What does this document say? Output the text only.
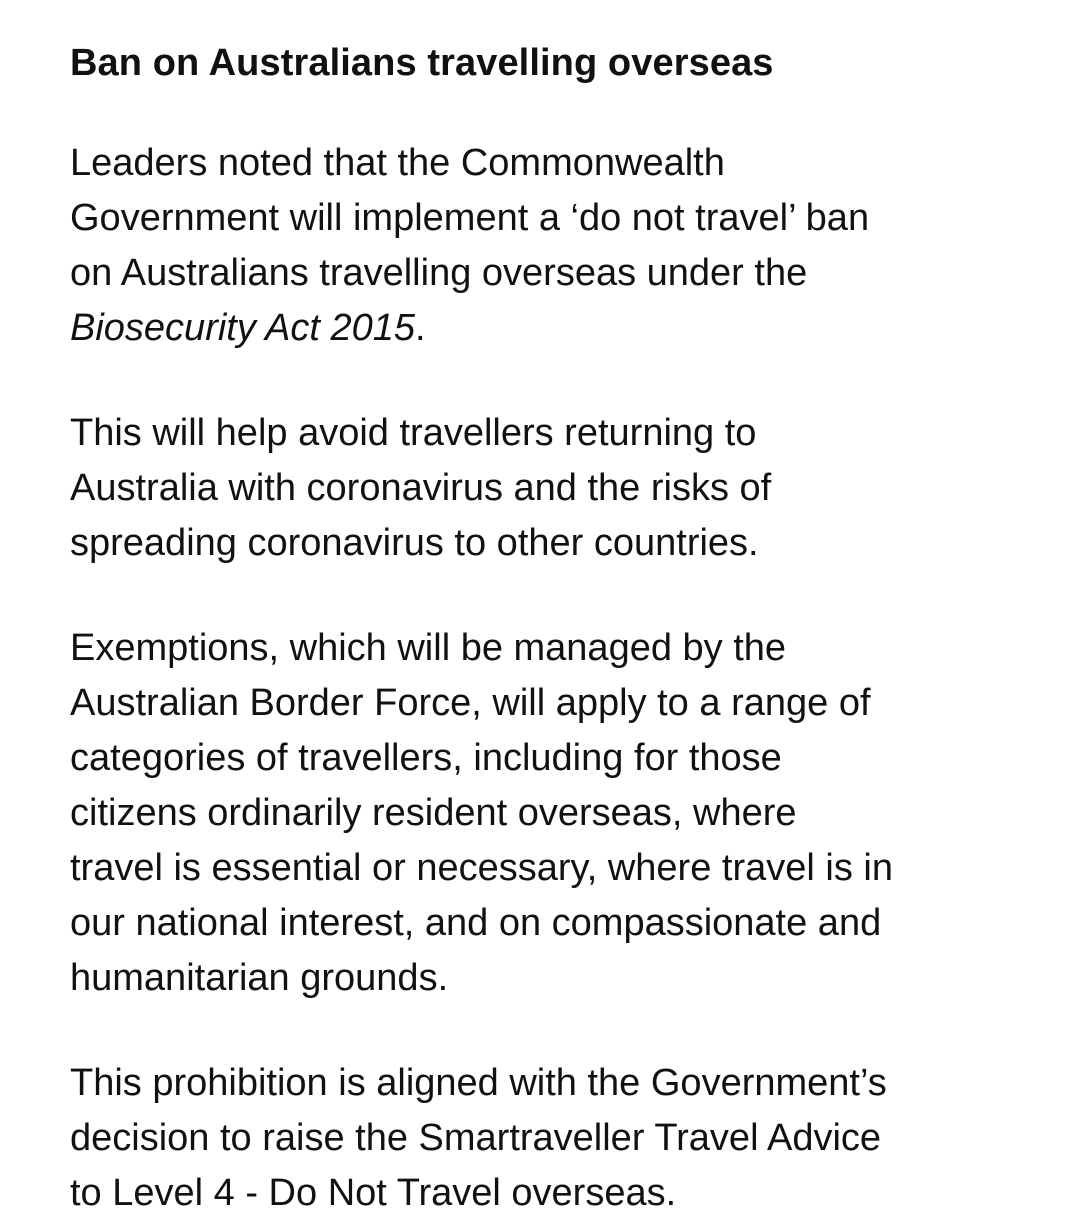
Ban on Australians travelling overseas

Leaders noted that the Commonwealth
Government will implement a ‘do not travel’ ban
on Australians travelling overseas under the
Biosecurity Act 2015.

This will help avoid travellers returning to
Australia with coronavirus and the risks of
spreading coronavirus to other countries.

Exemptions, which will be managed by the
Australian Border Force, will apply to a range of
categories of travellers, including for those
citizens ordinarily resident overseas, where
travel is essential or necessary, where travel is in
our national interest, and on compassionate and
humanitarian grounds.

This prohibition is aligned with the Government’s
decision to raise the Smartraveller Travel Advice
to Level 4 - Do Not Travel overseas.
